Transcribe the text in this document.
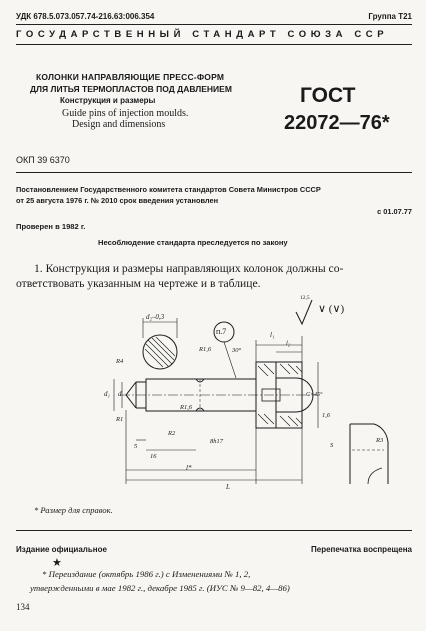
УДК 678.5.073.057.74-216.63:006.354	Группа Т21
ГОСУДАРСТВЕННЫЙ СТАНДАРТ СОЮЗА ССР
КОЛОНКИ НАПРАВЛЯЮЩИЕ ПРЕСС-ФОРМ
ДЛЯ ЛИТЬЯ ТЕРМОПЛАСТОВ ПОД ДАВЛЕНИЕМ
Конструкция и размеры
Guide pins of injection moulds.
Design and dimensions
ГОСТ
22072—76*
ОКП 39 6370
Постановлением Государственного комитета стандартов Совета Министров СССР
от 25 августа 1976 г. № 2010 срок введения установлен
с 01.07.77
Проверен в 1982 г.
Несоблюдение стандарта преследуется по закону
1. Конструкция и размеры направляющих колонок должны со-
ответствовать указанным на чертеже и в таблице.
d₂–0,3
п.7
R1,6	30°
R4
d₁ d
R1
5
16
R2
8h17
R1,6
l*
L
l₁
l₂
C×45°
1,6
S
R3
12,5
∨ (∨)
* Размер для справок.
Издание официальное	Перепечатка воспрещена
★
* Переиздание (октябрь 1986 г.) с Изменениями № 1, 2,
утвержденными в мае 1982 г., декабре 1985 г. (ИУС № 9—82, 4—86)
134
